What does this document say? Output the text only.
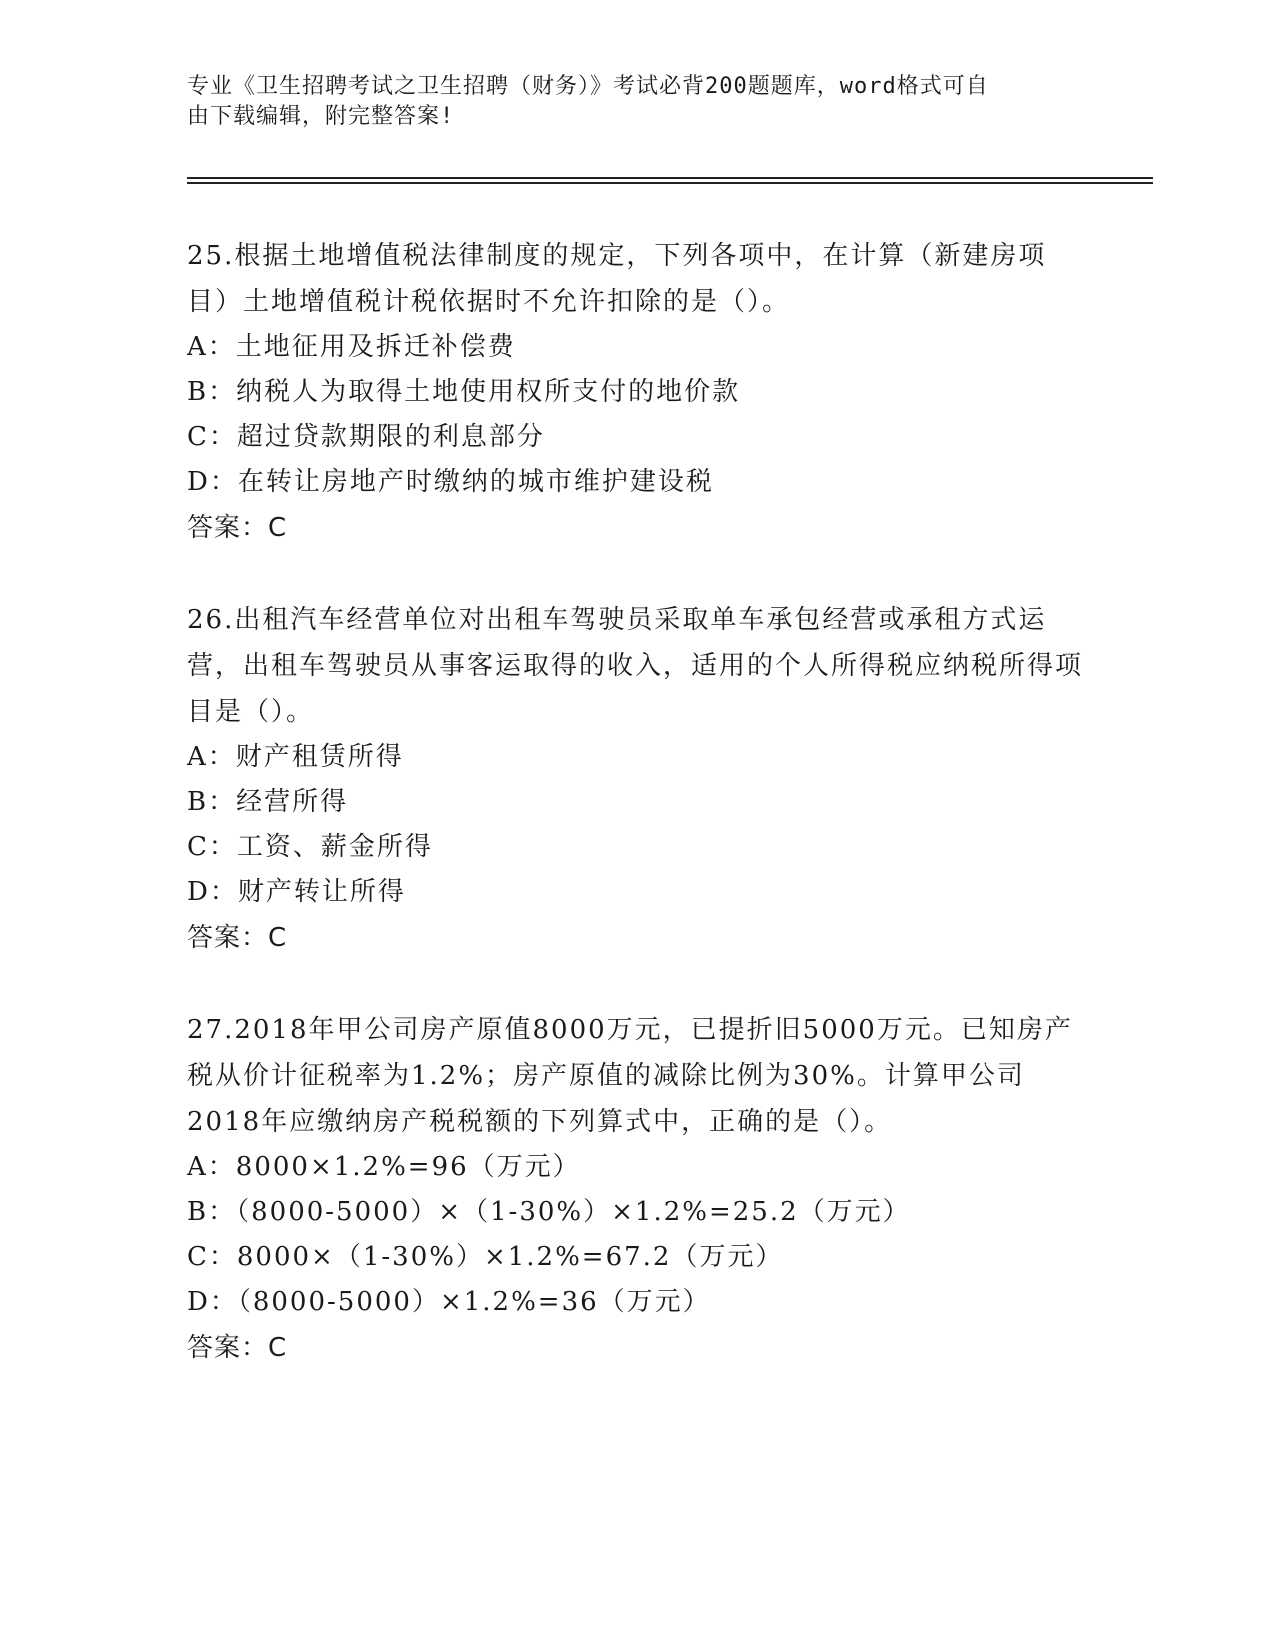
专业《卫生招聘考试之卫生招聘（财务）》考试必背200题题库，word格式可自
由下载编辑，附完整答案!

25.根据土地增值税法律制度的规定，下列各项中，在计算（新建房项目）土地增值税计税依据时不允许扣除的是（）。

A：土地征用及拆迁补偿费

B：纳税人为取得土地使用权所支付的地价款

C：超过贷款期限的利息部分

D：在转让房地产时缴纳的城市维护建设税

答案：C

26.出租汽车经营单位对出租车驾驶员采取单车承包经营或承租方式运营，出租车驾驶员从事客运取得的收入，适用的个人所得税应纳税所得项目是（）。

A：财产租赁所得

B：经营所得

C：工资、薪金所得

D：财产转让所得

答案：C

27.2018年甲公司房产原值8000万元，已提折旧5000万元。已知房产税从价计征税率为1.2%；房产原值的减除比例为30%。计算甲公司2018年应缴纳房产税税额的下列算式中，正确的是（）。

A：8000×1.2%=96（万元）

B：（8000-5000）×（1-30%）×1.2%=25.2（万元）

C：8000×（1-30%）×1.2%=67.2（万元）

D：（8000-5000）×1.2%=36（万元）

答案：C
